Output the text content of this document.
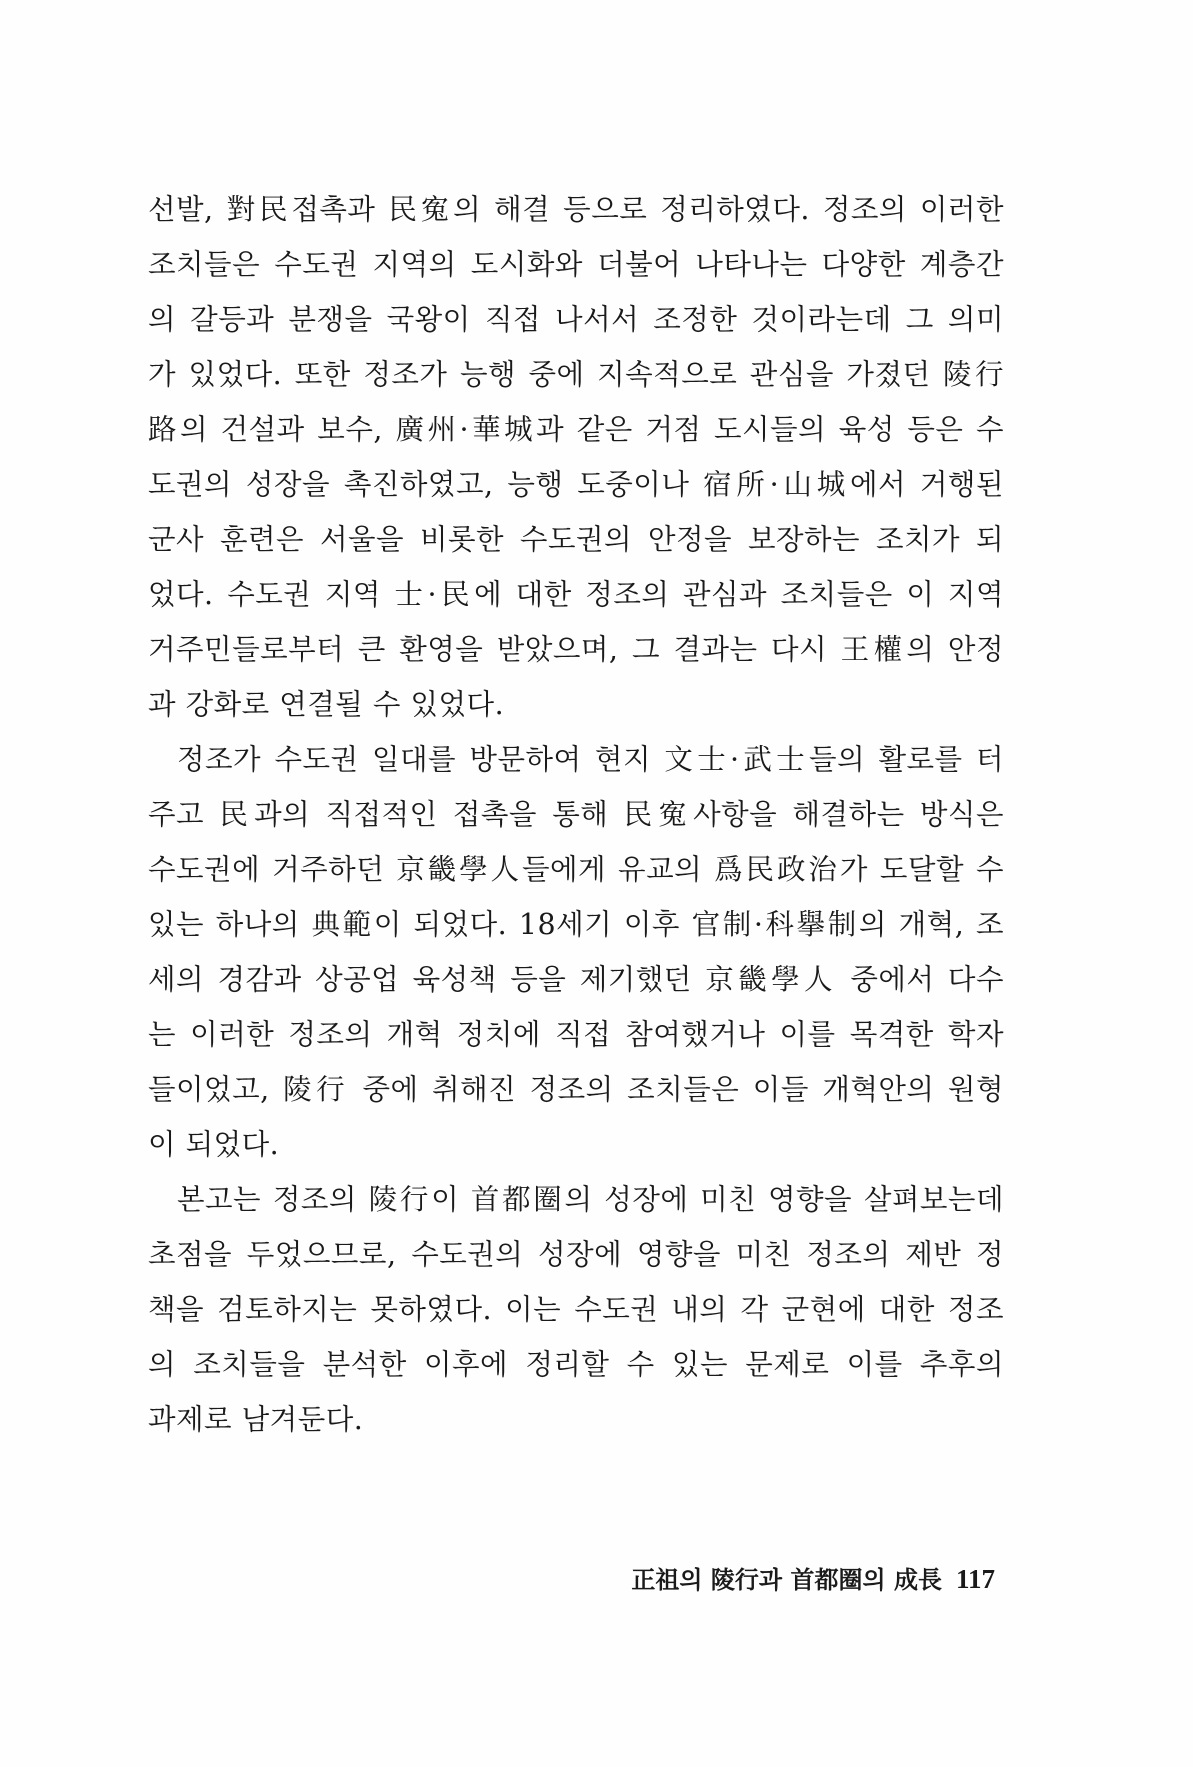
선발, 對民접촉과 民寃의 해결 등으로 정리하였다. 정조의 이러한
조치들은 수도권 지역의 도시화와 더불어 나타나는 다양한 계층간
의 갈등과 분쟁을 국왕이 직접 나서서 조정한 것이라는데 그 의미
가 있었다. 또한 정조가 능행 중에 지속적으로 관심을 가졌던 陵行
路의 건설과 보수, 廣州·華城과 같은 거점 도시들의 육성 등은 수
도권의 성장을 촉진하였고, 능행 도중이나 宿所·山城에서 거행된
군사 훈련은 서울을 비롯한 수도권의 안정을 보장하는 조치가 되
었다. 수도권 지역 士·民에 대한 정조의 관심과 조치들은 이 지역
거주민들로부터 큰 환영을 받았으며, 그 결과는 다시 王權의 안정
과 강화로 연결될 수 있었다.
정조가 수도권 일대를 방문하여 현지 文士·武士들의 활로를 터
주고 民과의 직접적인 접촉을 통해 民寃사항을 해결하는 방식은
수도권에 거주하던 京畿學人들에게 유교의 爲民政治가 도달할 수
있는 하나의 典範이 되었다. 18세기 이후 官制·科擧制의 개혁, 조
세의 경감과 상공업 육성책 등을 제기했던 京畿學人 중에서 다수
는 이러한 정조의 개혁 정치에 직접 참여했거나 이를 목격한 학자
들이었고, 陵行 중에 취해진 정조의 조치들은 이들 개혁안의 원형
이 되었다.
본고는 정조의 陵行이 首都圈의 성장에 미친 영향을 살펴보는데
초점을 두었으므로, 수도권의 성장에 영향을 미친 정조의 제반 정
책을 검토하지는 못하였다. 이는 수도권 내의 각 군현에 대한 정조
의 조치들을 분석한 이후에 정리할 수 있는 문제로 이를 추후의
과제로 남겨둔다.
正祖의 陵行과 首都圈의 成長 117
